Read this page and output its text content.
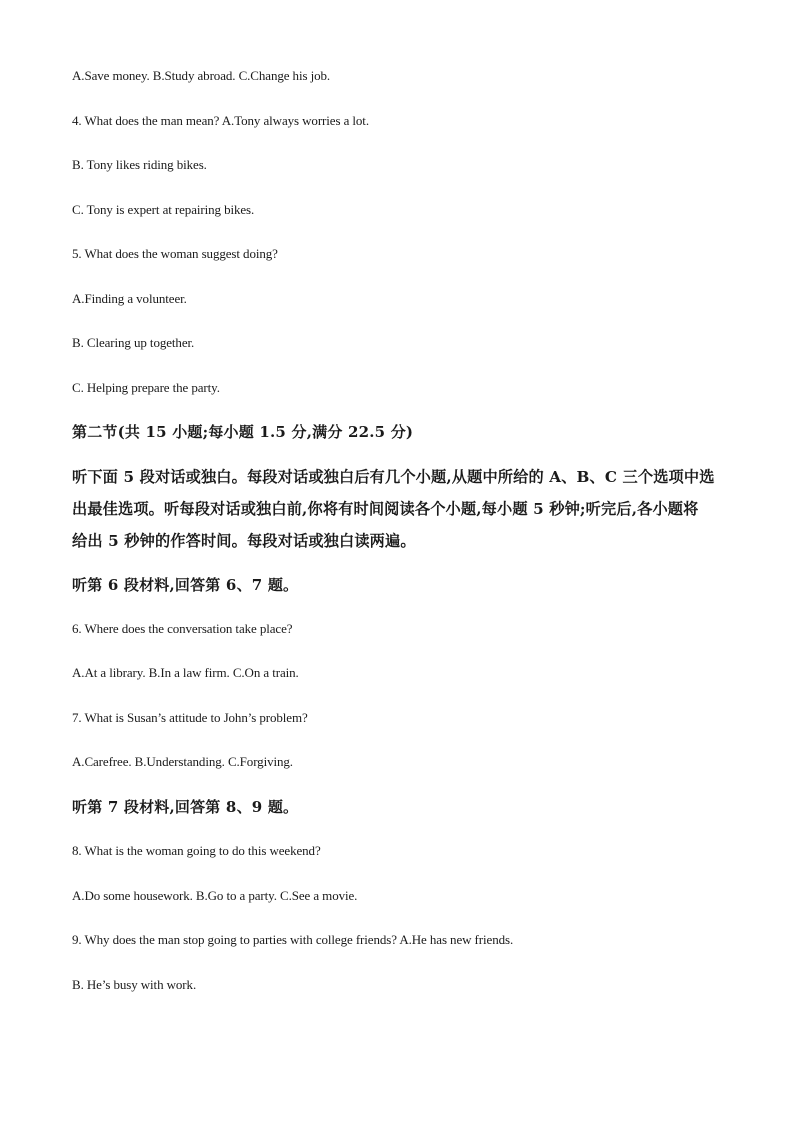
A.Save money. B.Study abroad. C.Change his job.
4. What does the man mean? A.Tony always worries a lot.
B. Tony likes riding bikes.
C. Tony is expert at repairing bikes.
5. What does the woman suggest doing?
A.Finding a volunteer.
B. Clearing up together.
C. Helping prepare the party.
第二节(共 15 小题;每小题 1.5 分,满分 22.5 分)
听下面 5 段对话或独白。每段对话或独白后有几个小题,从题中所给的 A、B、C 三个选项中选
出最佳选项。听每段对话或独白前,你将有时间阅读各个小题,每小题 5 秒钟;听完后,各小题将
给出 5 秒钟的作答时间。每段对话或独白读两遍。
听第 6 段材料,回答第 6、7 题。
6. Where does the conversation take place?
A.At a library. B.In a law firm. C.On a train.
7. What is Susan’s attitude to John’s problem?
A.Carefree. B.Understanding. C.Forgiving.
听第 7 段材料,回答第 8、9 题。
8. What is the woman going to do this weekend?
A.Do some housework. B.Go to a party. C.See a movie.
9. Why does the man stop going to parties with college friends? A.He has new friends.
B. He’s busy with work.
